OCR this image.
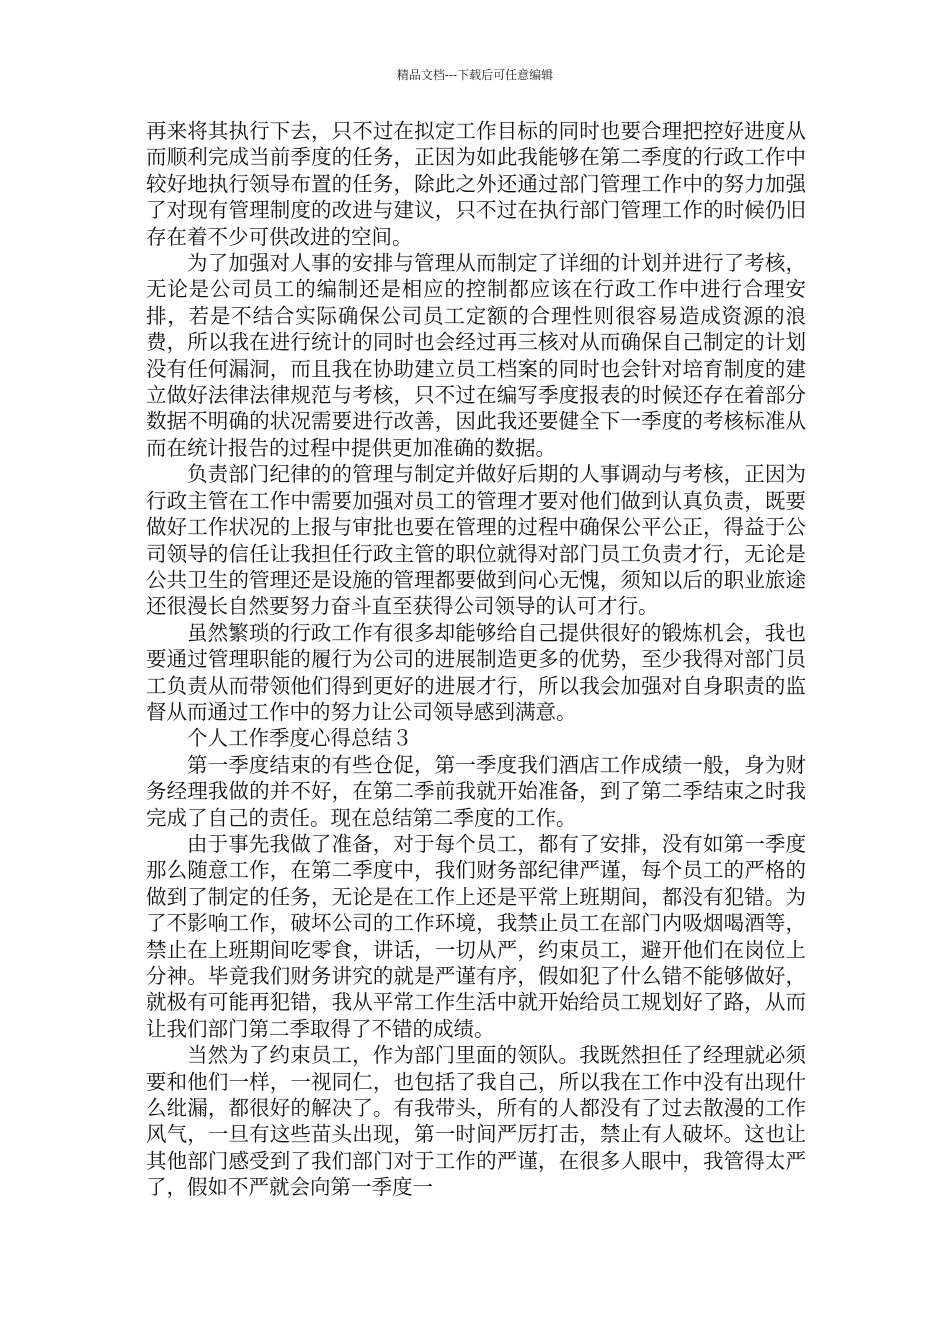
精品文档---下载后可任意编辑

再来将其执行下去，只不过在拟定工作目标的同时也要合理把控好进度从而顺利完成当前季度的任务，正因为如此我能够在第二季度的行政工作中较好地执行领导布置的任务，除此之外还通过部门管理工作中的努力加强了对现有管理制度的改进与建议，只不过在执行部门管理工作的时候仍旧存在着不少可供改进的空间。

为了加强对人事的安排与管理从而制定了详细的计划并进行了考核，无论是公司员工的编制还是相应的控制都应该在行政工作中进行合理安排，若是不结合实际确保公司员工定额的合理性则很容易造成资源的浪费，所以我在进行统计的同时也会经过再三核对从而确保自己制定的计划没有任何漏洞，而且我在协助建立员工档案的同时也会针对培育制度的建立做好法律法律规范与考核，只不过在编写季度报表的时候还存在着部分数据不明确的状况需要进行改善，因此我还要健全下一季度的考核标准从而在统计报告的过程中提供更加准确的数据。

负责部门纪律的的管理与制定并做好后期的人事调动与考核，正因为行政主管在工作中需要加强对员工的管理才要对他们做到认真负责，既要做好工作状况的上报与审批也要在管理的过程中确保公平公正，得益于公司领导的信任让我担任行政主管的职位就得对部门员工负责才行，无论是公共卫生的管理还是设施的管理都要做到问心无愧，须知以后的职业旅途还很漫长自然要努力奋斗直至获得公司领导的认可才行。

虽然繁琐的行政工作有很多却能够给自己提供很好的锻炼机会，我也要通过管理职能的履行为公司的进展制造更多的优势，至少我得对部门员工负责从而带领他们得到更好的进展才行，所以我会加强对自身职责的监督从而通过工作中的努力让公司领导感到满意。

个人工作季度心得总结３

第一季度结束的有些仓促，第一季度我们酒店工作成绩一般，身为财务经理我做的并不好，在第二季前我就开始准备，到了第二季结束之时我完成了自己的责任。现在总结第二季度的工作。

由于事先我做了准备，对于每个员工，都有了安排，没有如第一季度那么随意工作，在第二季度中，我们财务部纪律严谨，每个员工的严格的做到了制定的任务，无论是在工作上还是平常上班期间，都没有犯错。为了不影响工作，破坏公司的工作环境，我禁止员工在部门内吸烟喝酒等，禁止在上班期间吃零食，讲话，一切从严，约束员工，避开他们在岗位上分神。毕竟我们财务讲究的就是严谨有序，假如犯了什么错不能够做好，就极有可能再犯错，我从平常工作生活中就开始给员工规划好了路，从而让我们部门第二季取得了不错的成绩。

当然为了约束员工，作为部门里面的领队。我既然担任了经理就必须要和他们一样，一视同仁，也包括了我自己，所以我在工作中没有出现什么纰漏，都很好的解决了。有我带头，所有的人都没有了过去散漫的工作风气，一旦有这些苗头出现，第一时间严厉打击，禁止有人破坏。这也让其他部门感受到了我们部门对于工作的严谨，在很多人眼中，我管得太严了，假如不严就会向第一季度一
